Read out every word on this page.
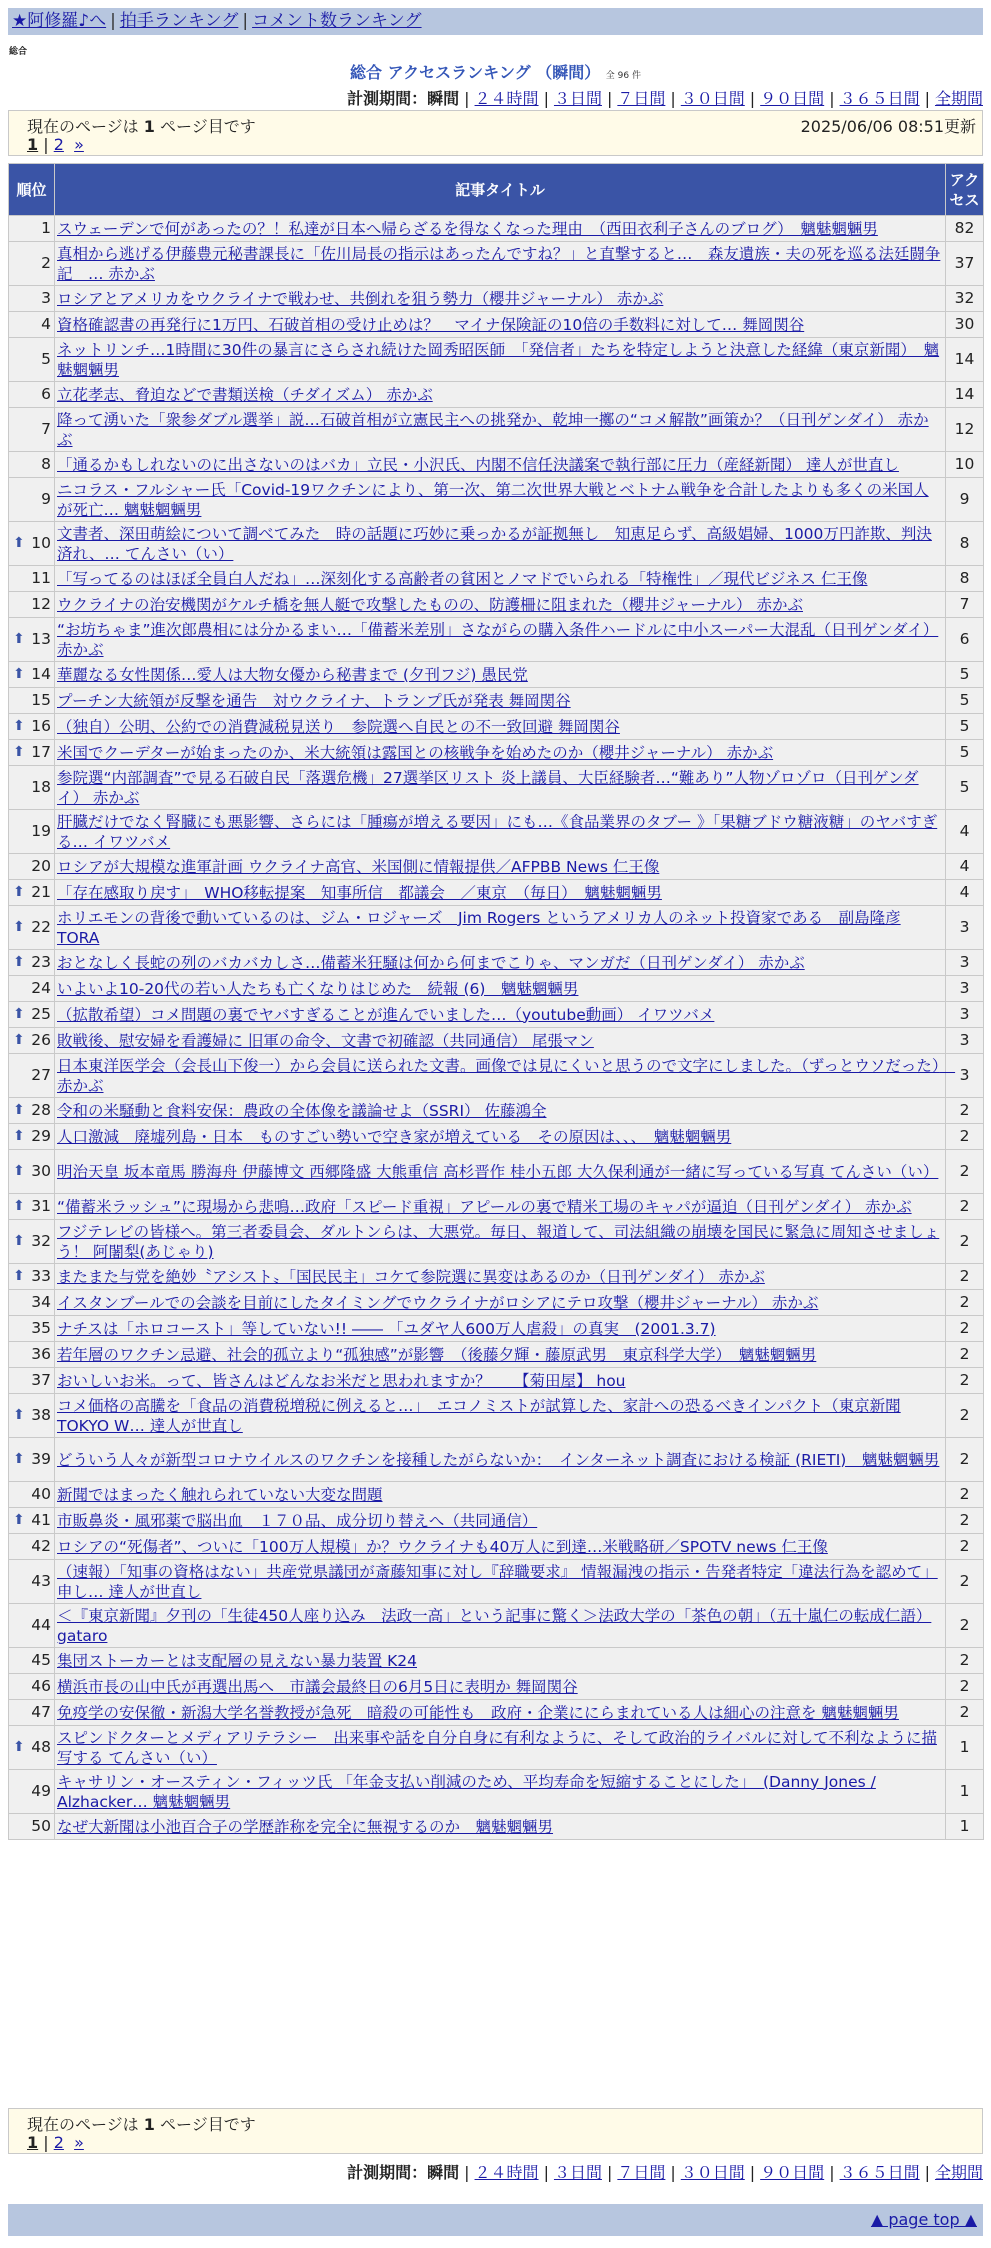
★阿修羅♪へ | 拍手ランキング | コメント数ランキング
総合
総合 アクセスランキング （瞬間） 全 96 件
計測期間：瞬間 | ２４時間 | ３日間 | ７日間 | ３０日間 | ９０日間 | ３６５日間 | 全期間
現在のページは 1 ページ目です	2025/06/06 08:51更新
1 | 2 »
順位	記事タイトル	アクセス
1	スウェーデンで何があったの？！私達が日本へ帰らざるを得なくなった理由　（西田衣利子さんのブログ）　魑魅魍魎男	82
2	真相から逃げる伊藤豊元秘書課長に「佐川局長の指示はあったんですね？」と直撃すると…　森友遺族・夫の死を巡る法廷闘争記　… 赤かぶ	37
3	ロシアとアメリカをウクライナで戦わせ、共倒れを狙う勢力（櫻井ジャーナル） 赤かぶ	32
4	資格確認書の再発行に1万円、石破首相の受け止めは？　マイナ保険証の10倍の手数料に対して… 舞岡関谷	30
5	ネットリンチ…1時間に30件の暴言にさらされ続けた岡秀昭医師　「発信者」たちを特定しようと決意した経緯（東京新聞）　魑魅魍魎男	14
6	立花孝志、脅迫などで書類送検（チダイズム） 赤かぶ	14
7	降って湧いた「衆参ダブル選挙」説…石破首相が立憲民主への挑発か、乾坤一擲の“コメ解散”画策か？（日刊ゲンダイ） 赤かぶ	12
8	「通るかもしれないのに出さないのはバカ」立民・小沢氏、内閣不信任決議案で執行部に圧力（産経新聞） 達人が世直し	10
9	ニコラス・フルシャー氏「Covid-19ワクチンにより、第一次、第二次世界大戦とベトナム戦争を合計したよりも多くの米国人が死亡… 魑魅魍魎男	9

⬆ 10	文書者、深田萌絵について調べてみた　時の話題に巧妙に乗っかるが証拠無し　知恵足らず、高級娼婦、1000万円詐欺、判決済れ、… てんさい（い）	8
11	「写ってるのはほぼ全員白人だね」…深刻化する高齢者の貧困とノマドでいられる「特権性」／現代ビジネス 仁王像	8
12	ウクライナの治安機関がケルチ橋を無人艇で攻撃したものの、防護柵に阻まれた（櫻井ジャーナル） 赤かぶ	7

⬆ 13	“お坊ちゃま”進次郎農相には分かるまい…「備蓄米差別」さながらの購入条件ハードルに中小スーパー大混乱（日刊ゲンダイ） 赤かぶ	6

⬆ 14	華麗なる女性関係…愛人は大物女優から秘書まで (夕刊フジ) 愚民党	5
15	プーチン大統領が反撃を通告　対ウクライナ、トランプ氏が発表 舞岡関谷	5

⬆ 16	（独自）公明、公約での消費減税見送り　参院選へ自民との不一致回避 舞岡関谷	5

⬆ 17	米国でクーデターが始まったのか、米大統領は露国との核戦争を始めたのか（櫻井ジャーナル） 赤かぶ	5
18	参院選“内部調査”で見る石破自民「落選危機」27選挙区リスト 炎上議員、大臣経験者…“難あり”人物ゾロゾロ（日刊ゲンダイ） 赤かぶ	5
19	肝臓だけでなく腎臓にも悪影響、さらには「腫瘍が増える要因」にも…《食品業界のタブー 》「果糖ブドウ糖液糖」のヤバすぎる… イワツバメ	4
20	ロシアが大規模な進軍計画 ウクライナ高官、米国側に情報提供／AFPBB News 仁王像	4

⬆ 21	「存在感取り戻す」　WHO移転提案　知事所信　都議会　／東京　（毎日）　魑魅魍魎男	4

⬆ 22	ホリエモンの背後で動いているのは、ジム・ロジャーズ　Jim Rogers というアメリカ人のネット投資家である　副島隆彦 TORA	3

⬆ 23	おとなしく長蛇の列のバカバカしさ…備蓄米狂騒は何から何までこりゃ、マンガだ（日刊ゲンダイ） 赤かぶ	3
24	いよいよ10-20代の若い人たちも亡くなりはじめた　続報 (6)　魑魅魍魎男	3

⬆ 25	（拡散希望）コメ問題の裏でヤバすぎることが進んでいました…（youtube動画） イワツバメ	3

⬆ 26	敗戦後、慰安婦を看護婦に 旧軍の命令、文書で初確認（共同通信） 尾張マン	3
27	日本東洋医学会（会長山下俊一）から会員に送られた文書。画像では見にくいと思うので文字にしました。（ずっとウソだった）　赤かぶ	3

⬆ 28	令和の米騒動と食料安保：農政の全体像を議論せよ（SSRI） 佐藤鴻全	2

⬆ 29	人口激減　廃墟列島・日本　ものすごい勢いで空き家が増えている　その原因は、、、　魑魅魍魎男	2

⬆ 30	明治天皇 坂本竜馬 勝海舟 伊藤博文 西郷隆盛 大熊重信 高杉晋作 桂小五郎 大久保利通が一緒に写っている写真 てんさい（い）	2

⬆ 31	“備蓄米ラッシュ”に現場から悲鳴…政府「スピード重視」アピールの裏で精米工場のキャパが逼迫（日刊ゲンダイ） 赤かぶ	2

⬆ 32	フジテレビの皆様へ。第三者委員会、ダルトンらは、大悪党。毎日、報道して、司法組織の崩壊を国民に緊急に周知させましょう！ 阿闍梨(あじゃり)	2

⬆ 33	またまた与党を絶妙〝アシスト〟「国民民主」コケて参院選に異変はあるのか（日刊ゲンダイ） 赤かぶ	2
34	イスタンブールでの会談を目前にしたタイミングでウクライナがロシアにテロ攻撃（櫻井ジャーナル） 赤かぶ	2
35	ナチスは「ホロコースト」等していない!! ―― 「ユダヤ人600万人虐殺」の真実　(2001.3.7)	2
36	若年層のワクチン忌避、社会的孤立より“孤独感”が影響　（後藤夕輝・藤原武男　東京科学大学）　魑魅魍魎男	2
37	おいしいお米。って、皆さんはどんなお米だと思われますか？　　【菊田屋】 hou	2

⬆ 38	コメ価格の高騰を「食品の消費税増税に例えると…」　エコノミストが試算した、家計への恐るべきインパクト（東京新聞TOKYO W… 達人が世直し	2

⬆ 39	どういう人々が新型コロナウイルスのワクチンを接種したがらないか：　インターネット調査における検証 (RIETI)　魑魅魍魎男	2
40	新聞ではまったく触れられていない大変な問題	2

⬆ 41	市販鼻炎・風邪薬で脳出血　１７０品、成分切り替えへ（共同通信）	2
42	ロシアの“死傷者”、ついに「100万人規模」か？ウクライナも40万人に到達…米戦略研／SPOTV news 仁王像	2
43	（速報）「知事の資格はない」共産党県議団が斎藤知事に対し『辞職要求』 情報漏洩の指示・告発者特定「違法行為を認めて」申し… 達人が世直し	2
44	＜『東京新聞』夕刊の「生徒450人座り込み　法政一高」という記事に驚く＞法政大学の「茶色の朝」（五十嵐仁の転成仁語） gataro	2
45	集団ストーカーとは支配層の見えない暴力装置 K24	2
46	横浜市長の山中氏が再選出馬へ　市議会最終日の6月5日に表明か 舞岡関谷	2
47	免疫学の安保徹・新潟大学名誉教授が急死　暗殺の可能性も　政府・企業ににらまれている人は細心の注意を 魑魅魍魎男	2

⬆ 48	スピンドクターとメディアリテラシー　出来事や話を自分自身に有利なように、そして政治的ライバルに対して不利なように描写する てんさい（い）	1
49	キャサリン・オースティン・フィッツ氏 「年金支払い削減のため、平均寿命を短縮することにした」　(Danny Jones / Alzhacker… 魑魅魍魎男	1
50	なぜ大新聞は小池百合子の学歴詐称を完全に無視するのか　魑魅魍魎男	1
現在のページは 1 ページ目です
1 | 2 »
計測期間：瞬間 | ２４時間 | ３日間 | ７日間 | ３０日間 | ９０日間 | ３６５日間 | 全期間
▲ page top ▲
